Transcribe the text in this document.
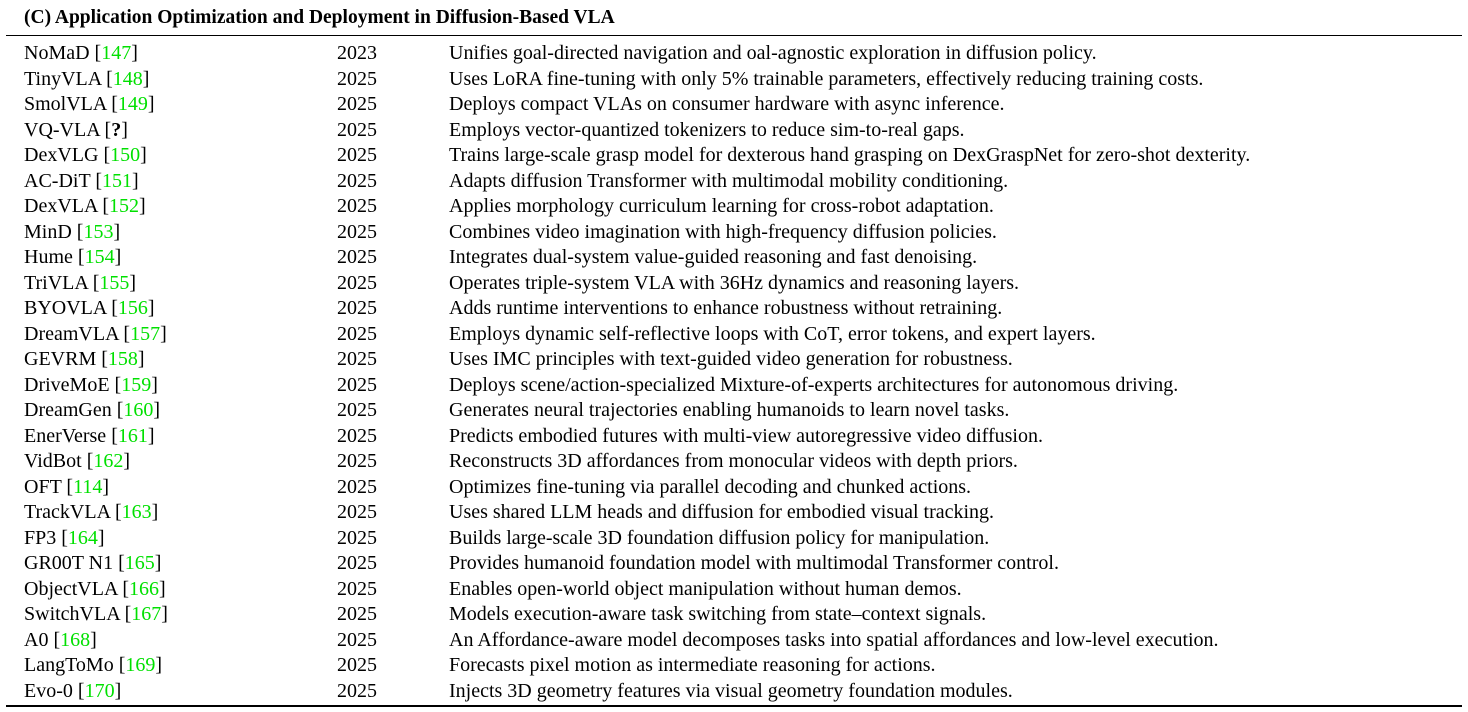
(C) Application Optimization and Deployment in Diffusion-Based VLA
NoMaD [147]	2023	Unifies goal-directed navigation and oal-agnostic exploration in diffusion policy.
TinyVLA [148]	2025	Uses LoRA fine-tuning with only 5% trainable parameters, effectively reducing training costs.
SmolVLA [149]	2025	Deploys compact VLAs on consumer hardware with async inference.
VQ-VLA [?]	2025	Employs vector-quantized tokenizers to reduce sim-to-real gaps.
DexVLG [150]	2025	Trains large-scale grasp model for dexterous hand grasping on DexGraspNet for zero-shot dexterity.
AC-DiT [151]	2025	Adapts diffusion Transformer with multimodal mobility conditioning.
DexVLA [152]	2025	Applies morphology curriculum learning for cross-robot adaptation.
MinD [153]	2025	Combines video imagination with high-frequency diffusion policies.
Hume [154]	2025	Integrates dual-system value-guided reasoning and fast denoising.
TriVLA [155]	2025	Operates triple-system VLA with 36Hz dynamics and reasoning layers.
BYOVLA [156]	2025	Adds runtime interventions to enhance robustness without retraining.
DreamVLA [157]	2025	Employs dynamic self-reflective loops with CoT, error tokens, and expert layers.
GEVRM [158]	2025	Uses IMC principles with text-guided video generation for robustness.
DriveMoE [159]	2025	Deploys scene/action-specialized Mixture-of-experts architectures for autonomous driving.
DreamGen [160]	2025	Generates neural trajectories enabling humanoids to learn novel tasks.
EnerVerse [161]	2025	Predicts embodied futures with multi-view autoregressive video diffusion.
VidBot [162]	2025	Reconstructs 3D affordances from monocular videos with depth priors.
OFT [114]	2025	Optimizes fine-tuning via parallel decoding and chunked actions.
TrackVLA [163]	2025	Uses shared LLM heads and diffusion for embodied visual tracking.
FP3 [164]	2025	Builds large-scale 3D foundation diffusion policy for manipulation.
GR00T N1 [165]	2025	Provides humanoid foundation model with multimodal Transformer control.
ObjectVLA [166]	2025	Enables open-world object manipulation without human demos.
SwitchVLA [167]	2025	Models execution-aware task switching from state–context signals.
A0 [168]	2025	An Affordance-aware model decomposes tasks into spatial affordances and low-level execution.
LangToMo [169]	2025	Forecasts pixel motion as intermediate reasoning for actions.
Evo-0 [170]	2025	Injects 3D geometry features via visual geometry foundation modules.
